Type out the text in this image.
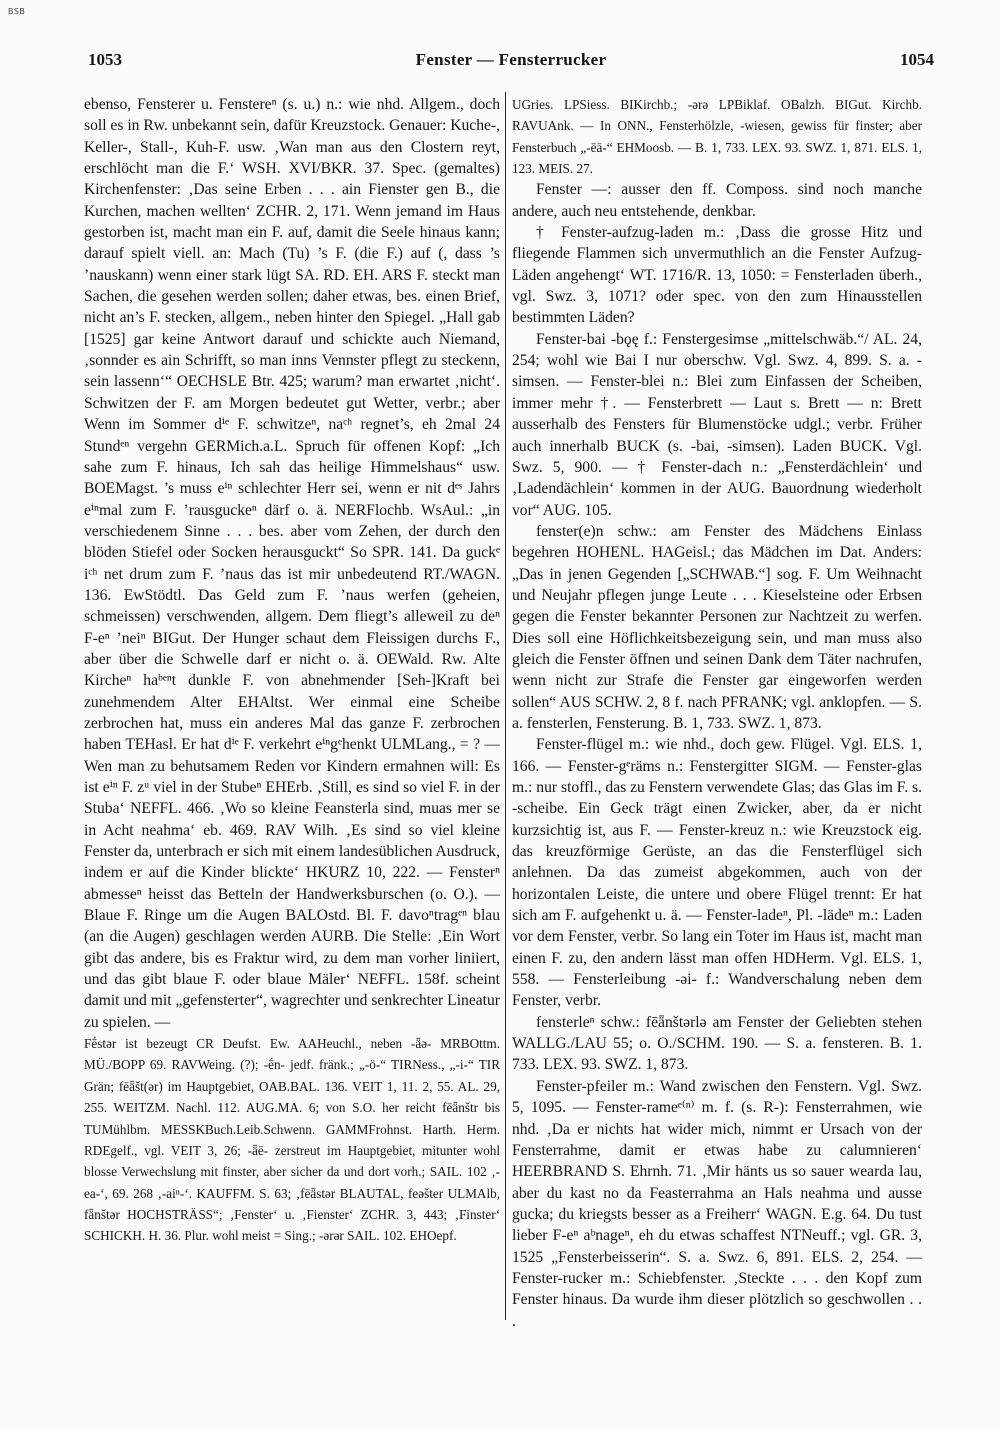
BSB
1053	Fenster — Fensterrucker	1054

ebenso, Fensterer u. Fenstereⁿ (s. u.) n.: wie nhd. Allgem., doch soll es in Rw. unbekannt sein, dafür Kreuzstock. Genauer: Kuche-, Keller-, Stall-, Kuh-F. usw. ‚Wan man aus den Clostern reyt, erschlöcht man die F.‘ WSH. XVI/BKR. 37. Spec. (gemaltes) Kirchenfenster: ‚Das seine Erben . . . ain Fienster gen B., die Kurchen, machen wellten‘ ZCHR. 2, 171. Wenn jemand im Haus gestorben ist, macht man ein F. auf, damit die Seele hinaus kann; darauf spielt viell. an: Mach (Tu) ’s F. (die F.) auf (, dass ’s ’nauskann) wenn einer stark lügt SA. RD. EH. ARS F. steckt man Sachen, die gesehen werden sollen; daher etwas, bes. einen Brief, nicht an’s F. stecken, allgem., neben hinter den Spiegel. „Hall gab [1525] gar keine Antwort darauf und schickte auch Niemand, ‚sonnder es ain Schrifft, so man inns Vennster pflegt zu steckenn, sein lassenn‘“ OECHSLE Btr. 425; warum? man erwartet ‚nicht‘. Schwitzen der F. am Morgen bedeutet gut Wetter, verbr.; aber Wenn im Sommer dⁱᵉ F. schwitzeⁿ, naᶜʰ regnet’s, eh 2mal 24 Stundᵉⁿ vergehn GERMich.a.L. Spruch für offenen Kopf: „Ich sahe zum F. hinaus, Ich sah das heilige Himmelshaus“ usw. BOEMagst. ’s muss eⁱⁿ schlechter Herr sei, wenn er nit dᵉˢ Jahrs eⁱⁿmal zum F. ’rausguckeⁿ därf o. ä. NERFlochb. WsAul.: „in verschiedenem Sinne . . . bes. aber vom Zehen, der durch den blöden Stiefel oder Socken herausguckt“ So SPR. 141. Da guckᵉ iᶜʰ net drum zum F. ’naus das ist mir unbedeutend RT./WAGN. 136. EwStödtl. Das Geld zum F. ’naus werfen (geheien, schmeissen) verschwenden, allgem. Dem fliegt’s alleweil zu deⁿ F-eⁿ ’neiⁿ BIGut. Der Hunger schaut dem Fleissigen durchs F., aber über die Schwelle darf er nicht o. ä. OEWald. Rw. Alte Kircheⁿ haᵇᵉⁿt dunkle F. von abnehmender [Seh-]Kraft bei zunehmendem Alter EHAltst. Wer einmal eine Scheibe zerbrochen hat, muss ein anderes Mal das ganze F. zerbrochen haben TEHasl. Er hat dⁱᵉ F. verkehrt eⁱⁿgᵉhenkt ULMLang., = ? — Wen man zu behutsamem Reden vor Kindern ermahnen will: Es ist eⁱⁿ F. zᵘ viel in der Stubeⁿ EHErb. ‚Still, es sind so viel F. in der Stuba‘ NEFFL. 466. ‚Wo so kleine Feansterla sind, muas mer se in Acht neahma‘ eb. 469. RAV Wilh. ‚Es sind so viel kleine Fenster da, unterbrach er sich mit einem landesüblichen Ausdruck, indem er auf die Kinder blickte‘ HKURZ 10, 222. — Fensterⁿ abmesseⁿ heisst das Betteln der Handwerksburschen (o. O.). — Blaue F. Ringe um die Augen BALOstd. Bl. F. davoⁿtragᵉⁿ blau (an die Augen) geschlagen werden AURB. Die Stelle: ‚Ein Wort gibt das andere, bis es Fraktur wird, zu dem man vorher liniiert, und das gibt blaue F. oder blaue Mäler‘ NEFFL. 158f. scheint damit und mit „gefensterter“, wagrechter und senkrechter Lineatur zu spielen. —

Fḗstər ist bezeugt CR Deufst. Ew. AAHeuchl., neben -ǟə- MRBOttm. MÜ./BOPP 69. RAVWeing. (?); -ḗn- jedf. fränk.; „-ö-“ TIRNess., „-i-“ TIR Grän; fēǟšt(ər) im Hauptgebiet, OAB.BAL. 136. VEIT 1, 11. 2, 55. AL. 29, 255. WEITZM. Nachl. 112. AUG.MA. 6; von S.O. her reicht fēǟnštr bis TUMühlbm. MESSKBuch.Leib.Schwenn. GAMMFrohnst. Harth. Herm. RDEgelf., vgl. VEIT 3, 26; -ǟē- zerstreut im Hauptgebiet, mitunter wohl blosse Verwechslung mit finster, aber sicher da und dort vorh.; SAIL. 102 ‚-ea-‘, 69. 268 ‚-aiⁿ-‘. KAUFFM. S. 63; ‚fēǟstər BLAUTAL, feǝšter ULMAlb, fǟnštər HOCHSTRÄSS“; ‚Fenster‘ u. ‚Fienster‘ ZCHR. 3, 443; ‚Finster‘ SCHICKH. H. 36. Plur. wohl meist = Sing.; -ərər SAIL. 102. EHOepf.

UGries. LPSiess. BIKirchb.; -ərə LPBiklaf. OBalzh. BIGut. Kirchb. RAVUAnk. — In ONN., Fensterhölzle, -wiesen, gewiss für finster; aber Fensterbuch „-ēā-“ EHMoosb. — B. 1, 733. LEX. 93. SWZ. 1, 871. ELS. 1, 123. MEIS. 27.

Fenster —: ausser den ff. Composs. sind noch manche andere, auch neu entstehende, denkbar.

† Fenster-aufzug-laden m.: ‚Dass die grosse Hitz und fliegende Flammen sich unvermuthlich an die Fenster Aufzug-Läden angehengt‘ WT. 1716/R. 13, 1050: = Fensterladen überh., vgl. Swz. 3, 1071? oder spec. von den zum Hinausstellen bestimmten Läden?

Fenster-bai -bǫę f.: Fenstergesimse „mittelschwäb.“/ AL. 24, 254; wohl wie Bai I nur oberschw. Vgl. Swz. 4, 899. S. a. -simsen. — Fenster-blei n.: Blei zum Einfassen der Scheiben, immer mehr †. — Fensterbrett — Laut s. Brett — n: Brett ausserhalb des Fensters für Blumenstöcke udgl.; verbr. Früher auch innerhalb BUCK (s. -bai, -simsen). Laden BUCK. Vgl. Swz. 5, 900. — † Fenster-dach n.: „Fensterdächlein‘ und ‚Ladendächlein‘ kommen in der AUG. Bauordnung wiederholt vor“ AUG. 105.

fenster(e)n schw.: am Fenster des Mädchens Einlass begehren HOHENL. HAGeisl.; das Mädchen im Dat. Anders: „Das in jenen Gegenden [„SCHWAB.“] sog. F. Um Weihnacht und Neujahr pflegen junge Leute . . . Kieselsteine oder Erbsen gegen die Fenster bekannter Personen zur Nachtzeit zu werfen. Dies soll eine Höflichkeitsbezeigung sein, und man muss also gleich die Fenster öffnen und seinen Dank dem Täter nachrufen, wenn nicht zur Strafe die Fenster gar eingeworfen werden sollen“ AUS SCHW. 2, 8 f. nach PFRANK; vgl. anklopfen. — S. a. fensterlen, Fensterung. B. 1, 733. SWZ. 1, 873.

Fenster-flügel m.: wie nhd., doch gew. Flügel. Vgl. ELS. 1, 166. — Fenster-gᵉräms n.: Fenstergitter SIGM. — Fenster-glas m.: nur stoffl., das zu Fenstern verwendete Glas; das Glas im F. s. -scheibe. Ein Geck trägt einen Zwicker, aber, da er nicht kurzsichtig ist, aus F. — Fenster-kreuz n.: wie Kreuzstock eig. das kreuzförmige Gerüste, an das die Fensterflügel sich anlehnen. Da das zumeist abgekommen, auch von der horizontalen Leiste, die untere und obere Flügel trennt: Er hat sich am F. aufgehenkt u. ä. — Fenster-ladeⁿ, Pl. -lädeⁿ m.: Laden vor dem Fenster, verbr. So lang ein Toter im Haus ist, macht man einen F. zu, den andern lässt man offen HDHerm. Vgl. ELS. 1, 558. — Fensterleibung -əi- f.: Wandverschalung neben dem Fenster, verbr.

fensterleⁿ schw.: fēǟnštərlə am Fenster der Geliebten stehen WALLG./LAU 55; o. O./SCHM. 190. — S. a. fensteren. B. 1. 733. LEX. 93. SWZ. 1, 873.

Fenster-pfeiler m.: Wand zwischen den Fenstern. Vgl. Swz. 5, 1095. — Fenster-rameᵉ⁽ⁿ⁾ m. f. (s. R-): Fensterrahmen, wie nhd. ‚Da er nichts hat wider mich, nimmt er Ursach von der Fensterrahme, damit er etwas habe zu calumnieren‘ HEERBRAND S. Ehrnh. 71. ‚Mir hänts us so sauer wearda lau, aber du kast no da Feasterrahma an Hals neahma und ausse gucka; du kriegsts besser as a Freiherr‘ WAGN. E.g. 64. Du tust lieber F-eⁿ aᵇnageⁿ, eh du etwas schaffest NTNeuff.; vgl. GR. 3, 1525 „Fensterbeisserin“. S. a. Swz. 6, 891. ELS. 2, 254. — Fenster-rucker m.: Schiebfenster. ‚Steckte . . . den Kopf zum Fenster hinaus. Da wurde ihm dieser plötzlich so geschwollen . . .
